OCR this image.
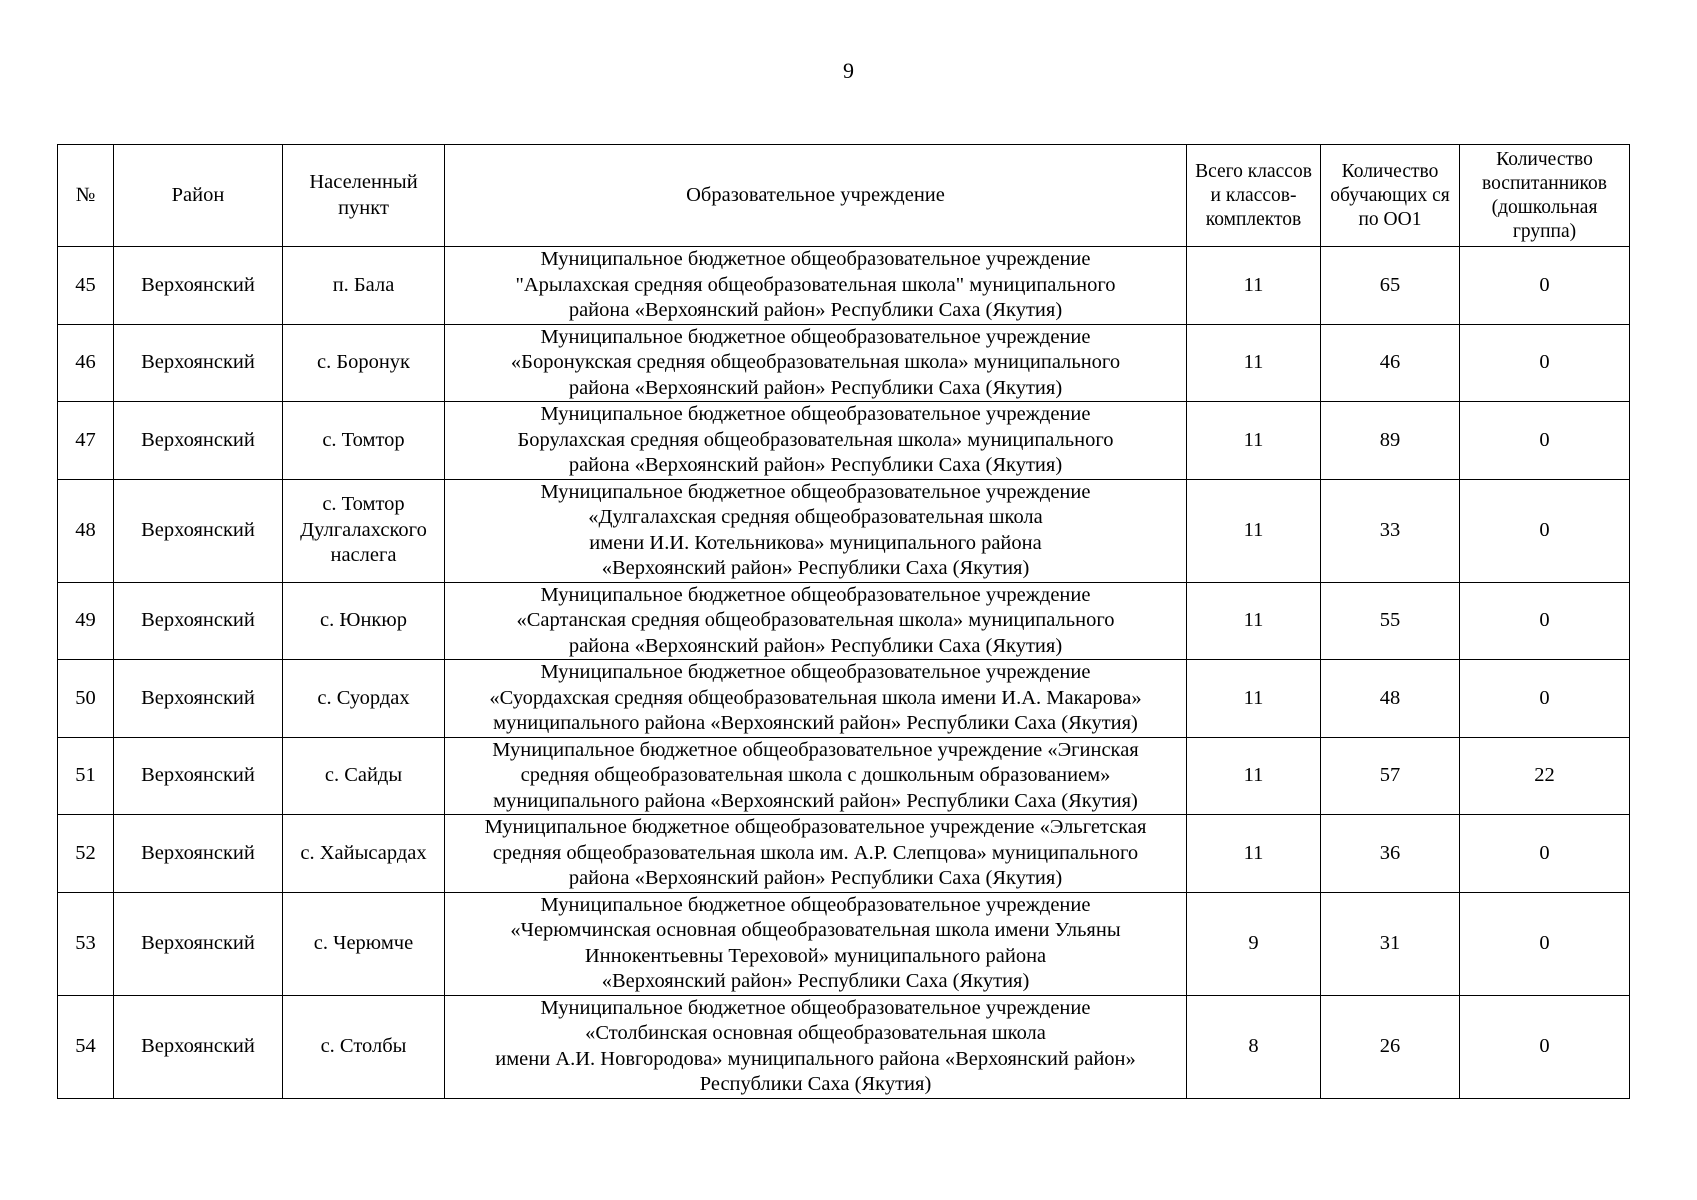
9
№	Район	Населенный пункт	Образовательное учреждение	Всего классов и классов-комплектов	Количество обучающих ся по ОО1	Количество воспитанников (дошкольная группа)
45	Верхоянский	п. Бала	Муниципальное бюджетное общеобразовательное учреждение
"Арылахская средняя общеобразовательная школа" муниципального
района «Верхоянский район» Республики Саха (Якутия)	11	65	0
46	Верхоянский	с. Боронук	Муниципальное бюджетное общеобразовательное учреждение
«Боронукская средняя общеобразовательная школа» муниципального
района «Верхоянский район» Республики Саха (Якутия)	11	46	0
47	Верхоянский	с. Томтор	Муниципальное бюджетное общеобразовательное учреждение
Борулахская средняя общеобразовательная школа» муниципального
района «Верхоянский район» Республики Саха (Якутия)	11	89	0
48	Верхоянский	с. Томтор
Дулгалахского
наслега	Муниципальное бюджетное общеобразовательное учреждение
«Дулгалахская средняя общеобразовательная школа
имени И.И. Котельникова» муниципального района
«Верхоянский район» Республики Саха (Якутия)	11	33	0
49	Верхоянский	с. Юнкюр	Муниципальное бюджетное общеобразовательное учреждение
«Сартанская средняя общеобразовательная школа» муниципального
района «Верхоянский район» Республики Саха (Якутия)	11	55	0
50	Верхоянский	с. Суордах	Муниципальное бюджетное общеобразовательное учреждение
«Суордахская средняя общеобразовательная школа имени И.А. Макарова»
муниципального района «Верхоянский район» Республики Саха (Якутия)	11	48	0
51	Верхоянский	с. Сайды	Муниципальное бюджетное общеобразовательное учреждение «Эгинская
средняя общеобразовательная школа с дошкольным образованием»
муниципального района «Верхоянский район» Республики Саха (Якутия)	11	57	22
52	Верхоянский	с. Хайысардах	Муниципальное бюджетное общеобразовательное учреждение «Эльгетская
средняя общеобразовательная школа им. А.Р. Слепцова» муниципального
района «Верхоянский район» Республики Саха (Якутия)	11	36	0
53	Верхоянский	с. Черюмче	Муниципальное бюджетное общеобразовательное учреждение
«Черюмчинская основная общеобразовательная школа имени Ульяны
Иннокентьевны Тереховой» муниципального района
«Верхоянский район» Республики Саха (Якутия)	9	31	0
54	Верхоянский	с. Столбы	Муниципальное бюджетное общеобразовательное учреждение
«Столбинская основная общеобразовательная школа
имени А.И. Новгородова» муниципального района «Верхоянский район»
Республики Саха (Якутия)	8	26	0
